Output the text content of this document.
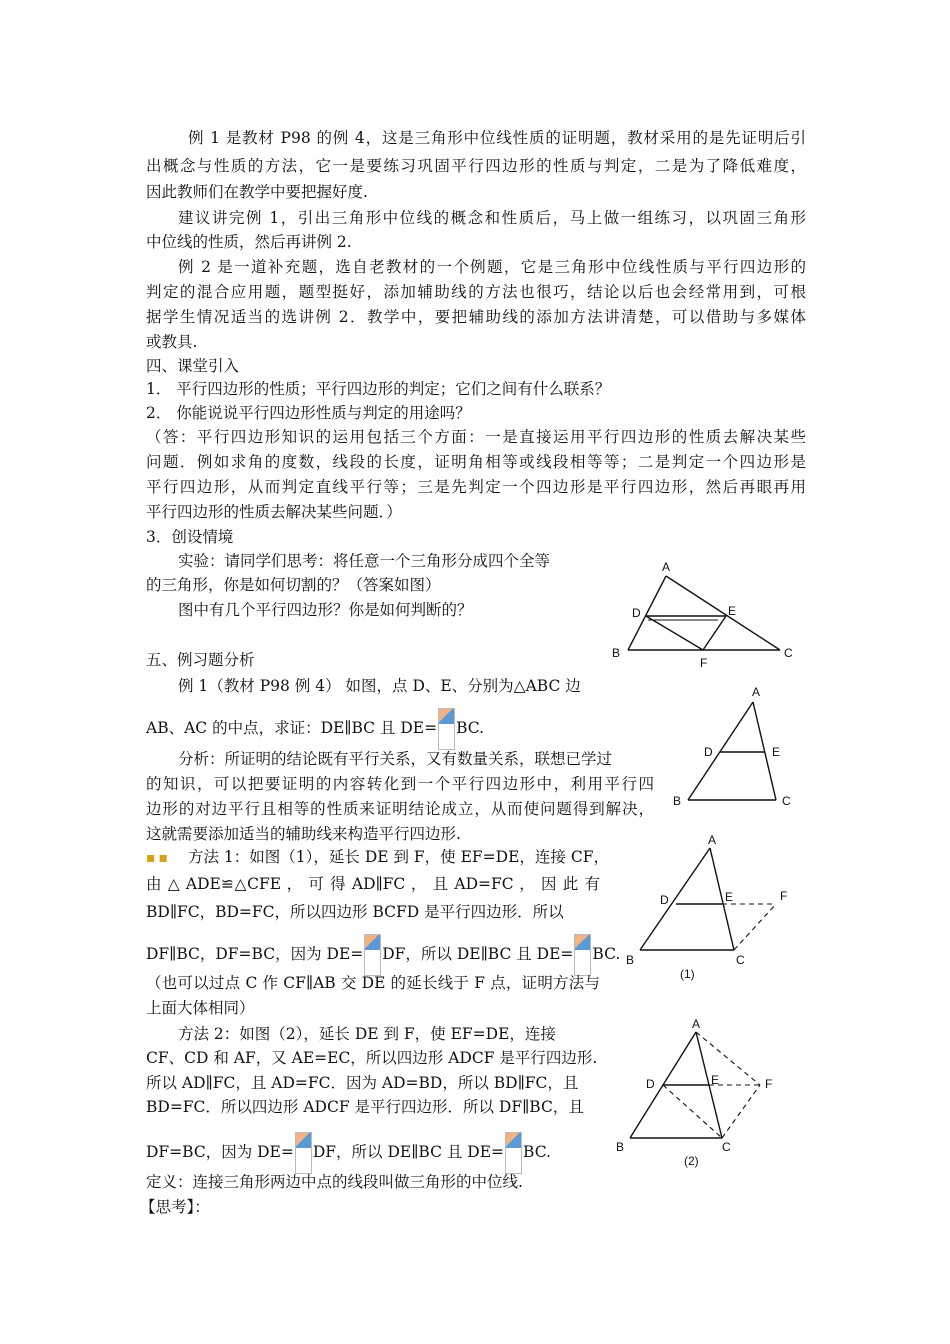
例 1 是教材 P98 的例 4，这是三角形中位线性质的证明题，教材采用的是先证明后引
出概念与性质的方法，它一是要练习巩固平行四边形的性质与判定，二是为了降低难度，
因此教师们在教学中要把握好度.
建议讲完例 1，引出三角形中位线的概念和性质后，马上做一组练习，以巩固三角形
中位线的性质，然后再讲例 2.
例 2 是一道补充题，选自老教材的一个例题，它是三角形中位线性质与平行四边形的
判定的混合应用题，题型挺好，添加辅助线的方法也很巧，结论以后也会经常用到，可根
据学生情况适当的选讲例 2．教学中，要把辅助线的添加方法讲清楚，可以借助与多媒体
或教具.
四、课堂引入
1． 平行四边形的性质；平行四边形的判定；它们之间有什么联系？
2． 你能说说平行四边形性质与判定的用途吗？
（答：平行四边形知识的运用包括三个方面：一是直接运用平行四边形的性质去解决某些
问题．例如求角的度数，线段的长度，证明角相等或线段相等等；二是判定一个四边形是
平行四边形，从而判定直线平行等；三是先判定一个四边形是平行四边形，然后再眼再用
平行四边形的性质去解决某些问题．）
3．创设情境
实验：请同学们思考：将任意一个三角形分成四个全等
的三角形，你是如何切割的？（答案如图）
图中有几个平行四边形？你是如何判断的？
A
D	E
B	C
F
五、例习题分析
例 1（教材 P98 例 4） 如图，点 D、E、分别为△ABC 边
AB、AC 的中点，求证：DE∥BC 且 DE= BC.
分析：所证明的结论既有平行关系，又有数量关系，联想已学过
的知识，可以把要证明的内容转化到一个平行四边形中，利用平行四
边形的对边平行且相等的性质来证明结论成立，从而使问题得到解决，
这就需要添加适当的辅助线来构造平行四边形.
A
D	E
B	C
▪▪ 方法 1：如图（1），延长 DE 到 F，使 EF=DE，连接 CF，
由 △ ADE≌△CFE ， 可 得 AD∥FC ， 且 AD=FC ， 因 此 有
BD∥FC，BD=FC，所以四边形 BCFD 是平行四边形．所以
DF∥BC，DF=BC，因为 DE= DF，所以 DE∥BC 且 DE= BC.
A
D	E	F
B	C
(1)
（也可以过点 C 作 CF∥AB 交 DE 的延长线于 F 点，证明方法与
上面大体相同）
方法 2：如图（2），延长 DE 到 F，使 EF=DE，连接
CF、CD 和 AF，又 AE=EC，所以四边形 ADCF 是平行四边形.
所以 AD∥FC，且 AD=FC．因为 AD=BD，所以 BD∥FC，且
BD=FC．所以四边形 ADCF 是平行四边形．所以 DF∥BC，且
DF=BC，因为 DE= DF，所以 DE∥BC 且 DE= BC.
A
D	E	F
B	C
(2)
定义：连接三角形两边中点的线段叫做三角形的中位线.
【思考】：
